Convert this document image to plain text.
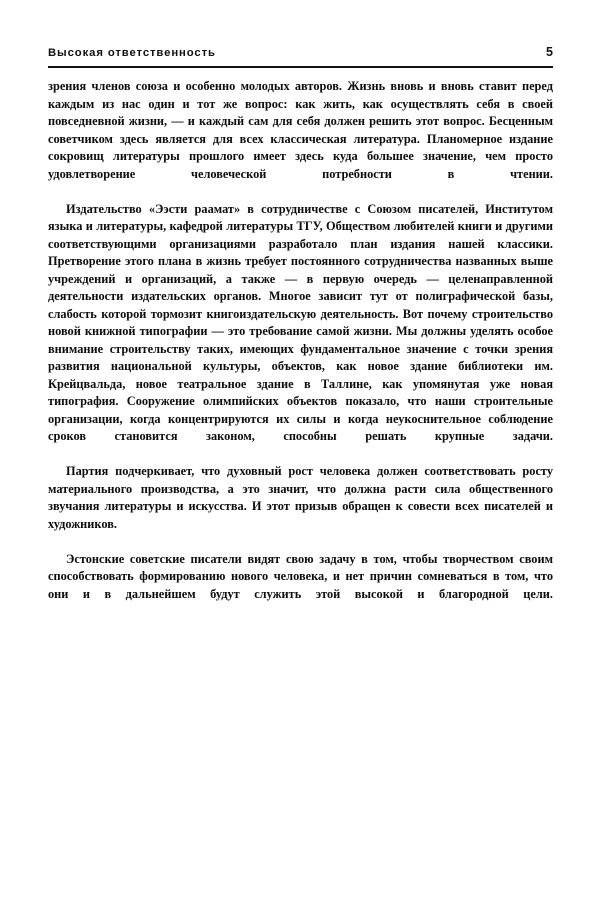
Высокая ответственность	5

зрения членов союза и особенно молодых авторов. Жизнь вновь и вновь ставит перед каждым из нас один и тот же вопрос: как жить, как осуществлять себя в своей повседневной жизни, — и каждый сам для себя должен решить этот вопрос. Бесценным советчиком здесь является для всех классическая литература. Планомерное издание сокровищ литературы прошлого имеет здесь куда большее значение, чем просто удовлетворение человеческой потребности в чтении.

Издательство «Ээсти раамат» в сотрудничестве с Союзом писателей, Институтом языка и литературы, кафедрой литературы ТГУ, Обществом любителей книги и другими соответствующими организациями разработало план издания нашей классики. Претворение этого плана в жизнь требует постоянного сотрудничества названных выше учреждений и организаций, а также — в первую очередь — целенаправленной деятельности издательских органов. Многое зависит тут от полиграфической базы, слабость которой тормозит книгоиздательскую деятельность. Вот почему строительство новой книжной типографии — это требование самой жизни. Мы должны уделять особое внимание строительству таких, имеющих фундаментальное значение с точки зрения развития национальной культуры, объектов, как новое здание библиотеки им. Крейцвальда, новое театральное здание в Таллине, как упомянутая уже новая типография. Сооружение олимпийских объектов показало, что наши строительные организации, когда концентрируются их силы и когда неукоснительное соблюдение сроков становится законом, способны решать крупные задачи.

Партия подчеркивает, что духовный рост человека должен соответствовать росту материального производства, а это значит, что должна расти сила общественного звучания литературы и искусства. И этот призыв обращен к совести всех писателей и художников.

Эстонские советские писатели видят свою задачу в том, чтобы творчеством своим способствовать формированию нового человека, и нет причин сомневаться в том, что они и в дальнейшем будут служить этой высокой и благородной цели.
